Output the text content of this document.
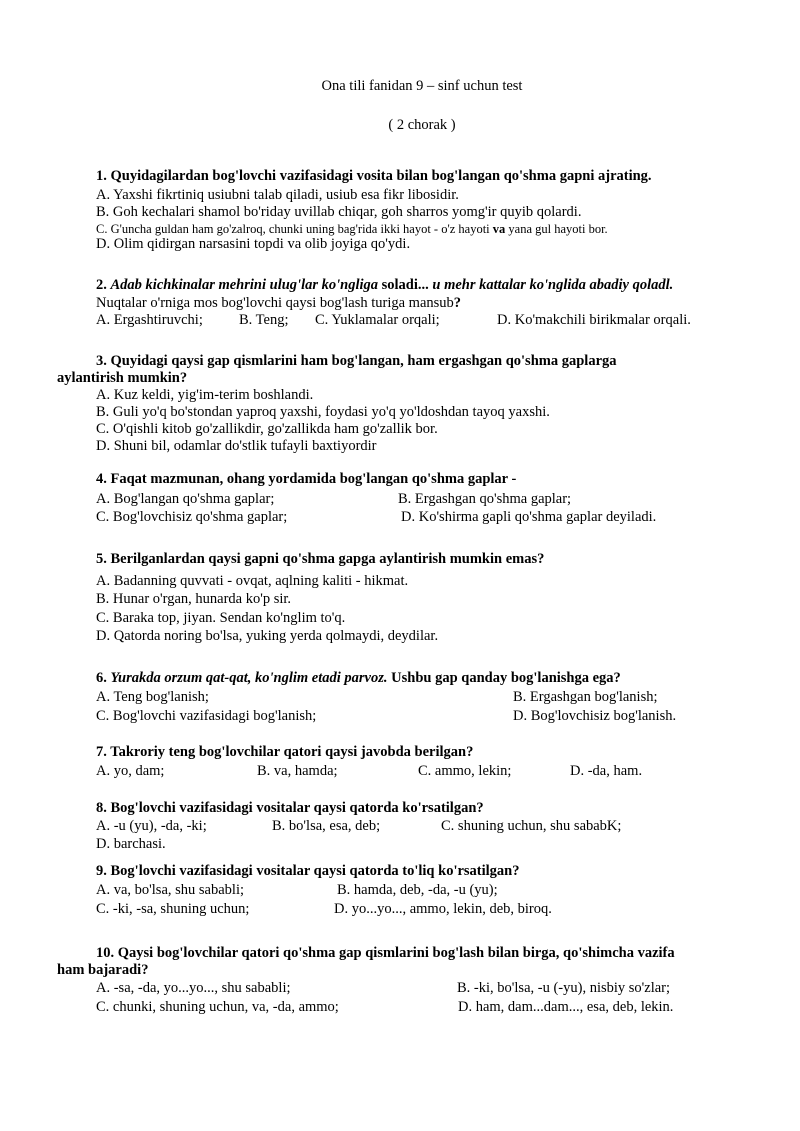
Ona tili fanidan 9 – sinf uchun test
( 2 chorak )
1. Quyidagilardan bog'lovchi vazifasidagi vosita bilan bog'langan qo'shma gapni ajrating.
A. Yaxshi fikrtiniq usiubni talab qiladi, usiub esa fikr libosidir.
B. Goh kechalari shamol bo'riday uvillab chiqar, goh sharros yomg'ir quyib qolardi.
C. G'uncha guldan ham go'zalroq, chunki uning bag'rida ikki hayot - o'z hayoti va yana gul hayoti bor.
D. Olim qidirgan narsasini topdi va olib joyiga qo'ydi.
2. Adab kichkinalar mehrini ulug'lar ko'ngliga soladi... u mehr kattalar ko'nglida abadiy qoladl.
Nuqtalar o'rniga mos bog'lovchi qaysi bog'lash turiga mansub?
A. Ergashtiruvchi; B. Teng; C. Yuklamalar orqali;	D. Ko'makchili birikmalar orqali.
3. Quyidagi qaysi gap qismlarini ham bog'langan, ham ergashgan qo'shma gaplarga
aylantirish mumkin?
A. Kuz keldi, yig'im-terim boshlandi.
B. Guli yo'q bo'stondan yaproq yaxshi, foydasi yo'q yo'ldoshdan tayoq yaxshi.
C. O'qishli kitob go'zallikdir, go'zallikda ham go'zallik bor.
D. Shuni bil, odamlar do'stlik tufayli baxtiyordir
4. Faqat mazmunan, ohang yordamida bog'langan qo'shma gaplar -
A. Bog'langan qo'shma gaplar;	B. Ergashgan qo'shma gaplar;
C. Bog'lovchisiz qo'shma gaplar;	D. Ko'shirma gapli qo'shma gaplar deyiladi.
5. Berilganlardan qaysi gapni qo'shma gapga aylantirish mumkin emas?
A. Badanning quvvati - ovqat, aqlning kaliti - hikmat.
B. Hunar o'rgan, hunarda ko'p sir.
C. Baraka top, jiyan. Sendan ko'nglim to'q.
D. Qatorda noring bo'lsa, yuking yerda qolmaydi, deydilar.
6. Yurakda orzum qat-qat, ko'nglim etadi parvoz. Ushbu gap qanday bog'lanishga ega?
A. Teng bog'lanish;	B. Ergashgan bog'lanish;
C. Bog'lovchi vazifasidagi bog'lanish;	D. Bog'lovchisiz bog'lanish.
7. Takroriy teng bog'lovchilar qatori qaysi javobda berilgan?
A. yo, dam;	B. va, hamda;	C. ammo, lekin;	D. -da, ham.
8. Bog'lovchi vazifasidagi vositalar qaysi qatorda ko'rsatilgan?
A. -u (yu), -da, -ki;	B. bo'lsa, esa, deb;	C. shuning uchun, shu sababK;
D. barchasi.
9. Bog'lovchi vazifasidagi vositalar qaysi qatorda to'liq ko'rsatilgan?
A. va, bo'lsa, shu sababli;	B. hamda, deb, -da, -u (yu);
C. -ki, -sa, shuning uchun;	D. yo...yo..., ammo, lekin, deb, biroq.
10. Qaysi bog'lovchilar qatori qo'shma gap qismlarini bog'lash bilan birga, qo'shimcha vazifa
ham bajaradi?
A. -sa, -da, yo...yo..., shu sababli;	B. -ki, bo'lsa, -u (-yu), nisbiy so'zlar;
C. chunki, shuning uchun, va, -da, ammo;	D. ham, dam...dam..., esa, deb, lekin.
